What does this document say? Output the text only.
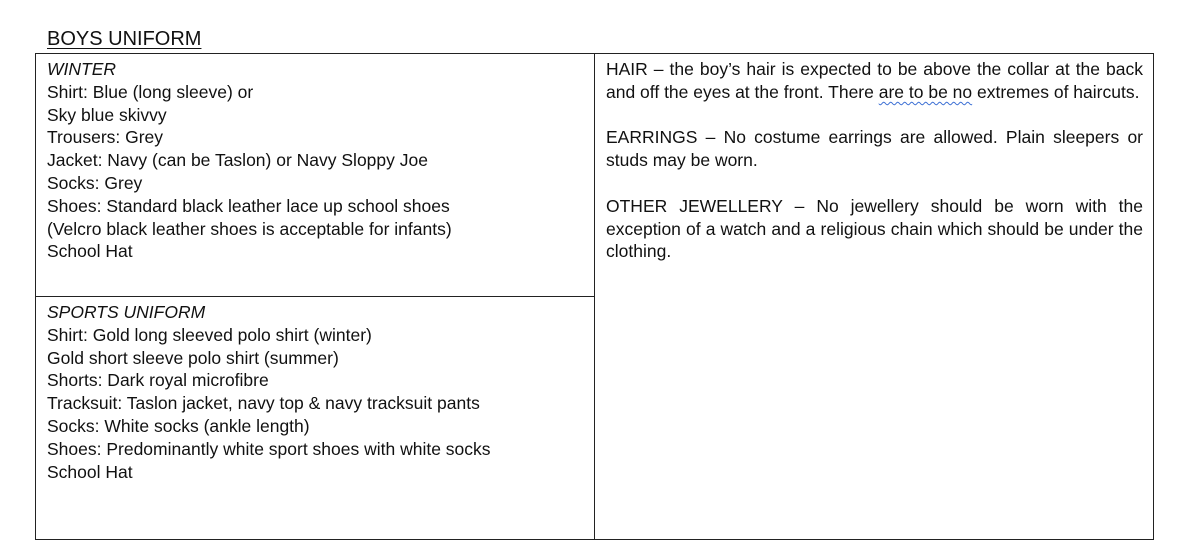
BOYS UNIFORM
WINTER
Shirt: Blue (long sleeve) or
Sky blue skivvy
Trousers: Grey
Jacket: Navy (can be Taslon) or Navy Sloppy Joe
Socks: Grey
Shoes: Standard black leather lace up school shoes
(Velcro black leather shoes is acceptable for infants)
School Hat

HAIR – the boy’s hair is expected to be above the collar at the back and off the eyes at the front. There are to be no extremes of haircuts.
EARRINGS – No costume earrings are allowed. Plain sleepers or studs may be worn.
OTHER JEWELLERY – No jewellery should be worn with the exception of a watch and a religious chain which should be under the clothing.

SPORTS UNIFORM
Shirt: Gold long sleeved polo shirt (winter)
Gold short sleeve polo shirt (summer)
Shorts: Dark royal microfibre
Tracksuit: Taslon jacket, navy top & navy tracksuit pants
Socks: White socks (ankle length)
Shoes: Predominantly white sport shoes with white socks
School Hat
